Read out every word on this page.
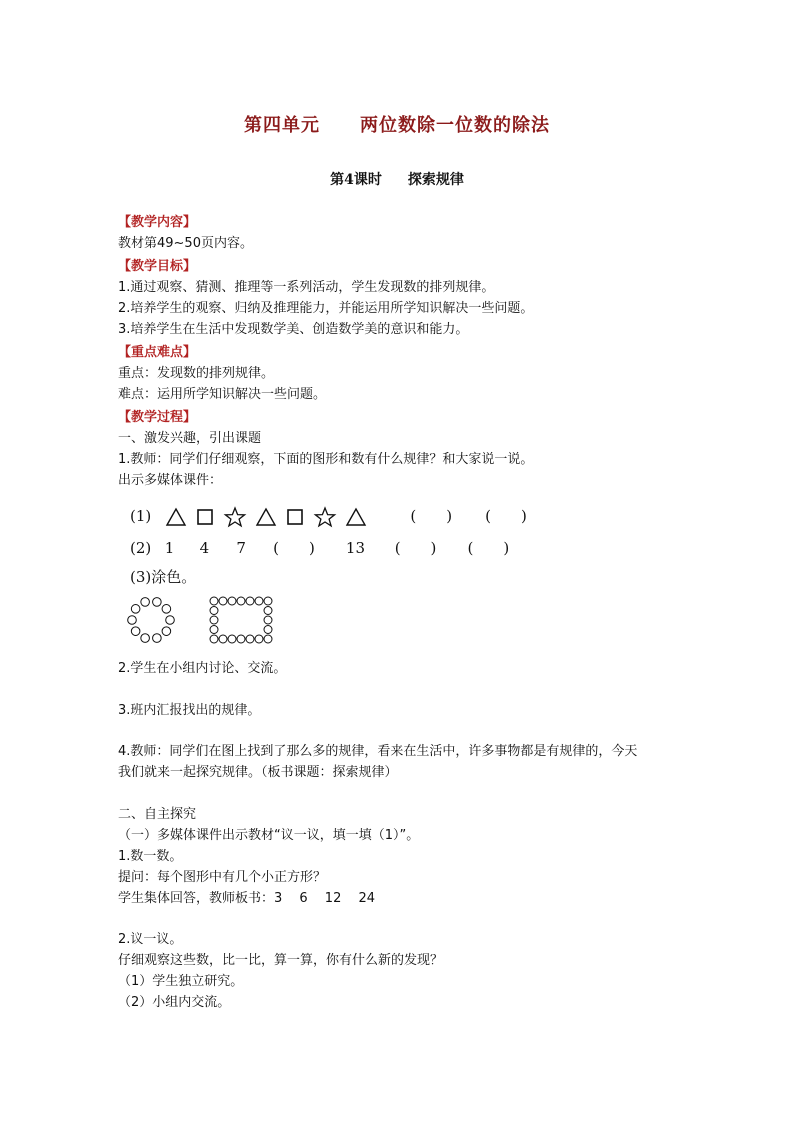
第四单元 两位数除一位数的除法
第4课时 探索规律
【教学内容】
教材第49~50页内容。
【教学目标】
1.通过观察、猜测、推理等一系列活动，学生发现数的排列规律。
2.培养学生的观察、归纳及推理能力，并能运用所学知识解决一些问题。
3.培养学生在生活中发现数学美、创造数学美的意识和能力。
【重点难点】
重点：发现数的排列规律。
难点：运用所学知识解决一些问题。
【教学过程】
一、激发兴趣，引出课题
1.教师：同学们仔细观察，下面的图形和数有什么规律？和大家说一说。
出示多媒体课件：
(1)	(　　) (　　)
(2) 1 4 7 (　　) 13 (　　) (　　)
(3)涂色。
2.学生在小组内讨论、交流。
3.班内汇报找出的规律。
4.教师：同学们在图上找到了那么多的规律，看来在生活中，许多事物都是有规律的，今天
我们就来一起探究规律。（板书课题：探索规律）
二、自主探究
（一）多媒体课件出示教材“议一议，填一填（1）”。
1.数一数。
提问：每个图形中有几个小正方形？
学生集体回答，教师板书：3　 6　 12　 24
2.议一议。
仔细观察这些数，比一比，算一算，你有什么新的发现？
（1）学生独立研究。
（2）小组内交流。
